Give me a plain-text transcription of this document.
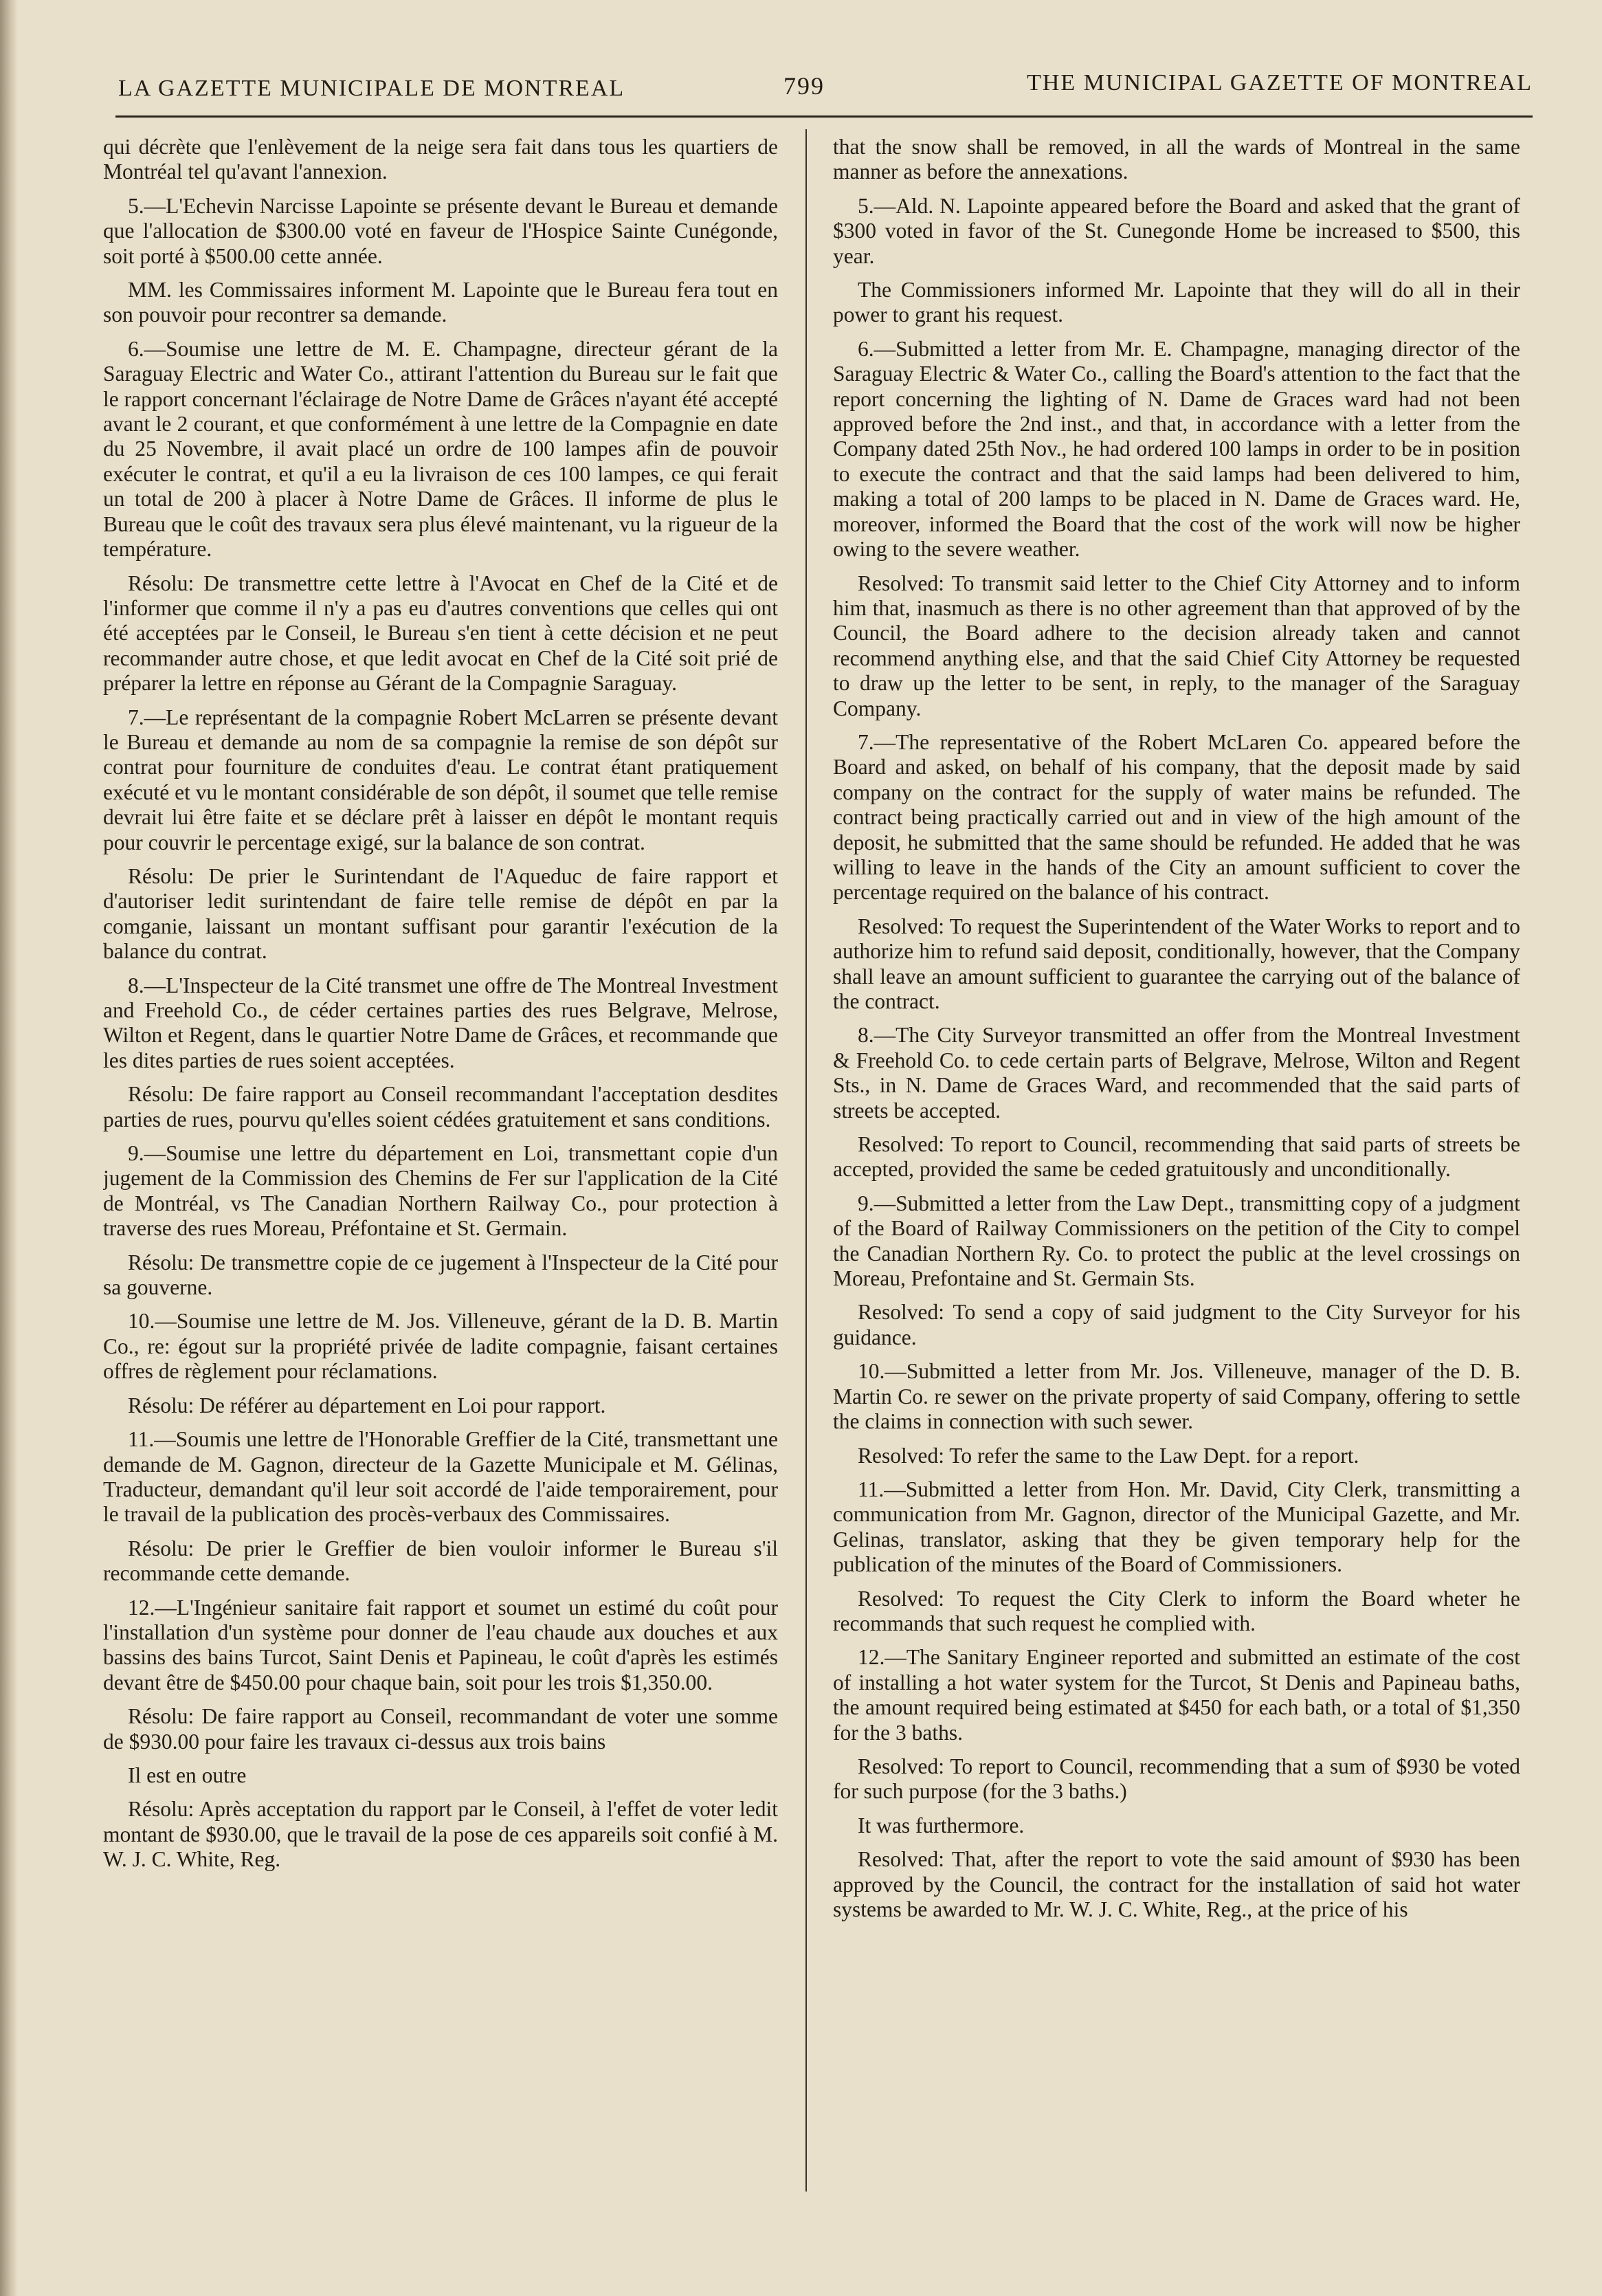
LA GAZETTE MUNICIPALE DE MONTREAL	799	THE MUNICIPAL GAZETTE OF MONTREAL

qui décrète que l'enlèvement de la neige sera fait dans tous les quartiers de Montréal tel qu'avant l'annexion.

5.—L'Echevin Narcisse Lapointe se présente devant le Bureau et demande que l'allocation de $300.00 voté en faveur de l'Hospice Sainte Cunégonde, soit porté à $500.00 cette année.

MM. les Commissaires informent M. Lapointe que le Bureau fera tout en son pouvoir pour recontrer sa demande.

6.—Soumise une lettre de M. E. Champagne, directeur gérant de la Saraguay Electric and Water Co., attirant l'attention du Bureau sur le fait que le rapport concernant l'éclairage de Notre Dame de Grâces n'ayant été accepté avant le 2 courant, et que conformément à une lettre de la Compagnie en date du 25 Novembre, il avait placé un ordre de 100 lampes afin de pouvoir exécuter le contrat, et qu'il a eu la livraison de ces 100 lampes, ce qui ferait un total de 200 à placer à Notre Dame de Grâces. Il informe de plus le Bureau que le coût des travaux sera plus élevé maintenant, vu la rigueur de la température.

Résolu: De transmettre cette lettre à l'Avocat en Chef de la Cité et de l'informer que comme il n'y a pas eu d'autres conventions que celles qui ont été acceptées par le Conseil, le Bureau s'en tient à cette décision et ne peut recommander autre chose, et que ledit avocat en Chef de la Cité soit prié de préparer la lettre en réponse au Gérant de la Compagnie Saraguay.

7.—Le représentant de la compagnie Robert McLarren se présente devant le Bureau et demande au nom de sa compagnie la remise de son dépôt sur contrat pour fourniture de conduites d'eau. Le contrat étant pratiquement exécuté et vu le montant considérable de son dépôt, il soumet que telle remise devrait lui être faite et se déclare prêt à laisser en dépôt le montant requis pour couvrir le percentage exigé, sur la balance de son contrat.

Résolu: De prier le Surintendant de l'Aqueduc de faire rapport et d'autoriser ledit surintendant de faire telle remise de dépôt en par la comganie, laissant un montant suffisant pour garantir l'exécution de la balance du contrat.

8.—L'Inspecteur de la Cité transmet une offre de The Montreal Investment and Freehold Co., de céder certaines parties des rues Belgrave, Melrose, Wilton et Regent, dans le quartier Notre Dame de Grâces, et recommande que les dites parties de rues soient acceptées.

Résolu: De faire rapport au Conseil recommandant l'acceptation desdites parties de rues, pourvu qu'elles soient cédées gratuitement et sans conditions.

9.—Soumise une lettre du département en Loi, transmettant copie d'un jugement de la Commission des Chemins de Fer sur l'application de la Cité de Montréal, vs The Canadian Northern Railway Co., pour protection à traverse des rues Moreau, Préfontaine et St. Germain.

Résolu: De transmettre copie de ce jugement à l'Inspecteur de la Cité pour sa gouverne.

10.—Soumise une lettre de M. Jos. Villeneuve, gérant de la D. B. Martin Co., re: égout sur la propriété privée de ladite compagnie, faisant certaines offres de règlement pour réclamations.

Résolu: De référer au département en Loi pour rapport.

11.—Soumis une lettre de l'Honorable Greffier de la Cité, transmettant une demande de M. Gagnon, directeur de la Gazette Municipale et M. Gélinas, Traducteur, demandant qu'il leur soit accordé de l'aide temporairement, pour le travail de la publication des procès-verbaux des Commissaires.

Résolu: De prier le Greffier de bien vouloir informer le Bureau s'il recommande cette demande.

12.—L'Ingénieur sanitaire fait rapport et soumet un estimé du coût pour l'installation d'un système pour donner de l'eau chaude aux douches et aux bassins des bains Turcot, Saint Denis et Papineau, le coût d'après les estimés devant être de $450.00 pour chaque bain, soit pour les trois $1,350.00.

Résolu: De faire rapport au Conseil, recommandant de voter une somme de $930.00 pour faire les travaux ci-dessus aux trois bains

Il est en outre

Résolu: Après acceptation du rapport par le Conseil, à l'effet de voter ledit montant de $930.00, que le travail de la pose de ces appareils soit confié à M. W. J. C. White, Reg.

that the snow shall be removed, in all the wards of Montreal in the same manner as before the annexations.

5.—Ald. N. Lapointe appeared before the Board and asked that the grant of $300 voted in favor of the St. Cunegonde Home be increased to $500, this year.

The Commissioners informed Mr. Lapointe that they will do all in their power to grant his request.

6.—Submitted a letter from Mr. E. Champagne, managing director of the Saraguay Electric & Water Co., calling the Board's attention to the fact that the report concerning the lighting of N. Dame de Graces ward had not been approved before the 2nd inst., and that, in accordance with a letter from the Company dated 25th Nov., he had ordered 100 lamps in order to be in position to execute the contract and that the said lamps had been delivered to him, making a total of 200 lamps to be placed in N. Dame de Graces ward. He, moreover, informed the Board that the cost of the work will now be higher owing to the severe weather.

Resolved: To transmit said letter to the Chief City Attorney and to inform him that, inasmuch as there is no other agreement than that approved of by the Council, the Board adhere to the decision already taken and cannot recommend anything else, and that the said Chief City Attorney be requested to draw up the letter to be sent, in reply, to the manager of the Saraguay Company.

7.—The representative of the Robert McLaren Co. appeared before the Board and asked, on behalf of his company, that the deposit made by said company on the contract for the supply of water mains be refunded. The contract being practically carried out and in view of the high amount of the deposit, he submitted that the same should be refunded. He added that he was willing to leave in the hands of the City an amount sufficient to cover the percentage required on the balance of his contract.

Resolved: To request the Superintendent of the Water Works to report and to authorize him to refund said deposit, conditionally, however, that the Company shall leave an amount sufficient to guarantee the carrying out of the balance of the contract.

8.—The City Surveyor transmitted an offer from the Montreal Investment & Freehold Co. to cede certain parts of Belgrave, Melrose, Wilton and Regent Sts., in N. Dame de Graces Ward, and recommended that the said parts of streets be accepted.

Resolved: To report to Council, recommending that said parts of streets be accepted, provided the same be ceded gratuitously and unconditionally.

9.—Submitted a letter from the Law Dept., transmitting copy of a judgment of the Board of Railway Commissioners on the petition of the City to compel the Canadian Northern Ry. Co. to protect the public at the level crossings on Moreau, Prefontaine and St. Germain Sts.

Resolved: To send a copy of said judgment to the City Surveyor for his guidance.

10.—Submitted a letter from Mr. Jos. Villeneuve, manager of the D. B. Martin Co. re sewer on the private property of said Company, offering to settle the claims in connection with such sewer.

Resolved: To refer the same to the Law Dept. for a report.

11.—Submitted a letter from Hon. Mr. David, City Clerk, transmitting a communication from Mr. Gagnon, director of the Municipal Gazette, and Mr. Gelinas, translator, asking that they be given temporary help for the publication of the minutes of the Board of Commissioners.

Resolved: To request the City Clerk to inform the Board wheter he recommands that such request he complied with.

12.—The Sanitary Engineer reported and submitted an estimate of the cost of installing a hot water system for the Turcot, St Denis and Papineau baths, the amount required being estimated at $450 for each bath, or a total of $1,350 for the 3 baths.

Resolved: To report to Council, recommending that a sum of $930 be voted for such purpose (for the 3 baths.)

It was furthermore.

Resolved: That, after the report to vote the said amount of $930 has been approved by the Council, the contract for the installation of said hot water systems be awarded to Mr. W. J. C. White, Reg., at the price of his
